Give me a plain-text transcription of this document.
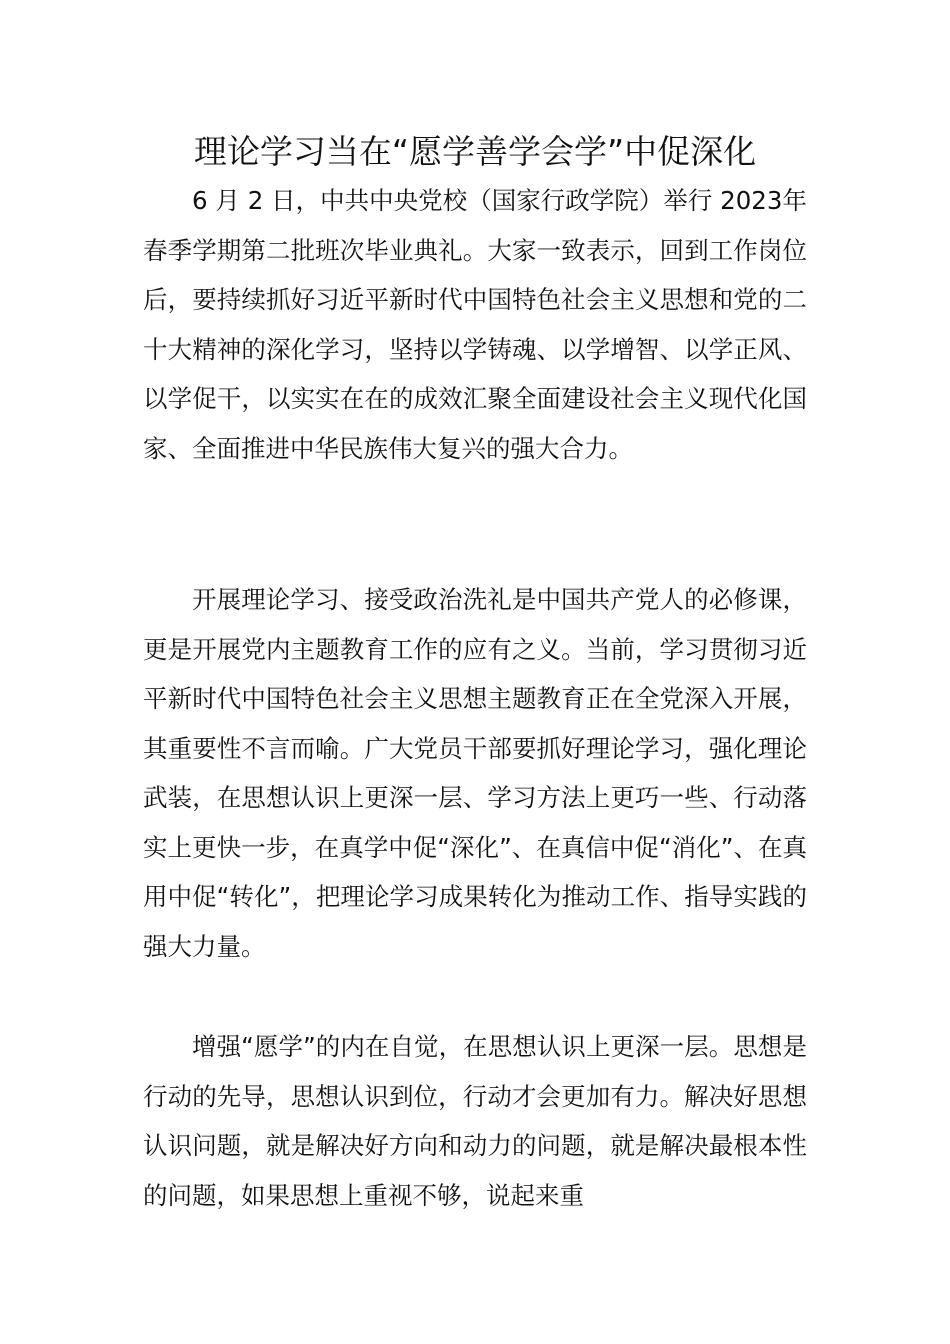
理论学习当在“愿学善学会学”中促深化

6 月 2 日，中共中央党校（国家行政学院）举行 2023年春季学期第二批班次毕业典礼。大家一致表示，回到工作岗位后，要持续抓好习近平新时代中国特色社会主义思想和党的二十大精神的深化学习，坚持以学铸魂、以学增智、以学正风、以学促干，以实实在在的成效汇聚全面建设社会主义现代化国家、全面推进中华民族伟大复兴的强大合力。

开展理论学习、接受政治洗礼是中国共产党人的必修课，更是开展党内主题教育工作的应有之义。当前，学习贯彻习近平新时代中国特色社会主义思想主题教育正在全党深入开展，其重要性不言而喻。广大党员干部要抓好理论学习，强化理论武装，在思想认识上更深一层、学习方法上更巧一些、行动落实上更快一步，在真学中促“深化”、在真信中促“消化”、在真用中促“转化”，把理论学习成果转化为推动工作、指导实践的强大力量。

增强“愿学”的内在自觉，在思想认识上更深一层。思想是行动的先导，思想认识到位，行动才会更加有力。解决好思想认识问题，就是解决好方向和动力的问题，就是解决最根本性的问题，如果思想上重视不够，说起来重
